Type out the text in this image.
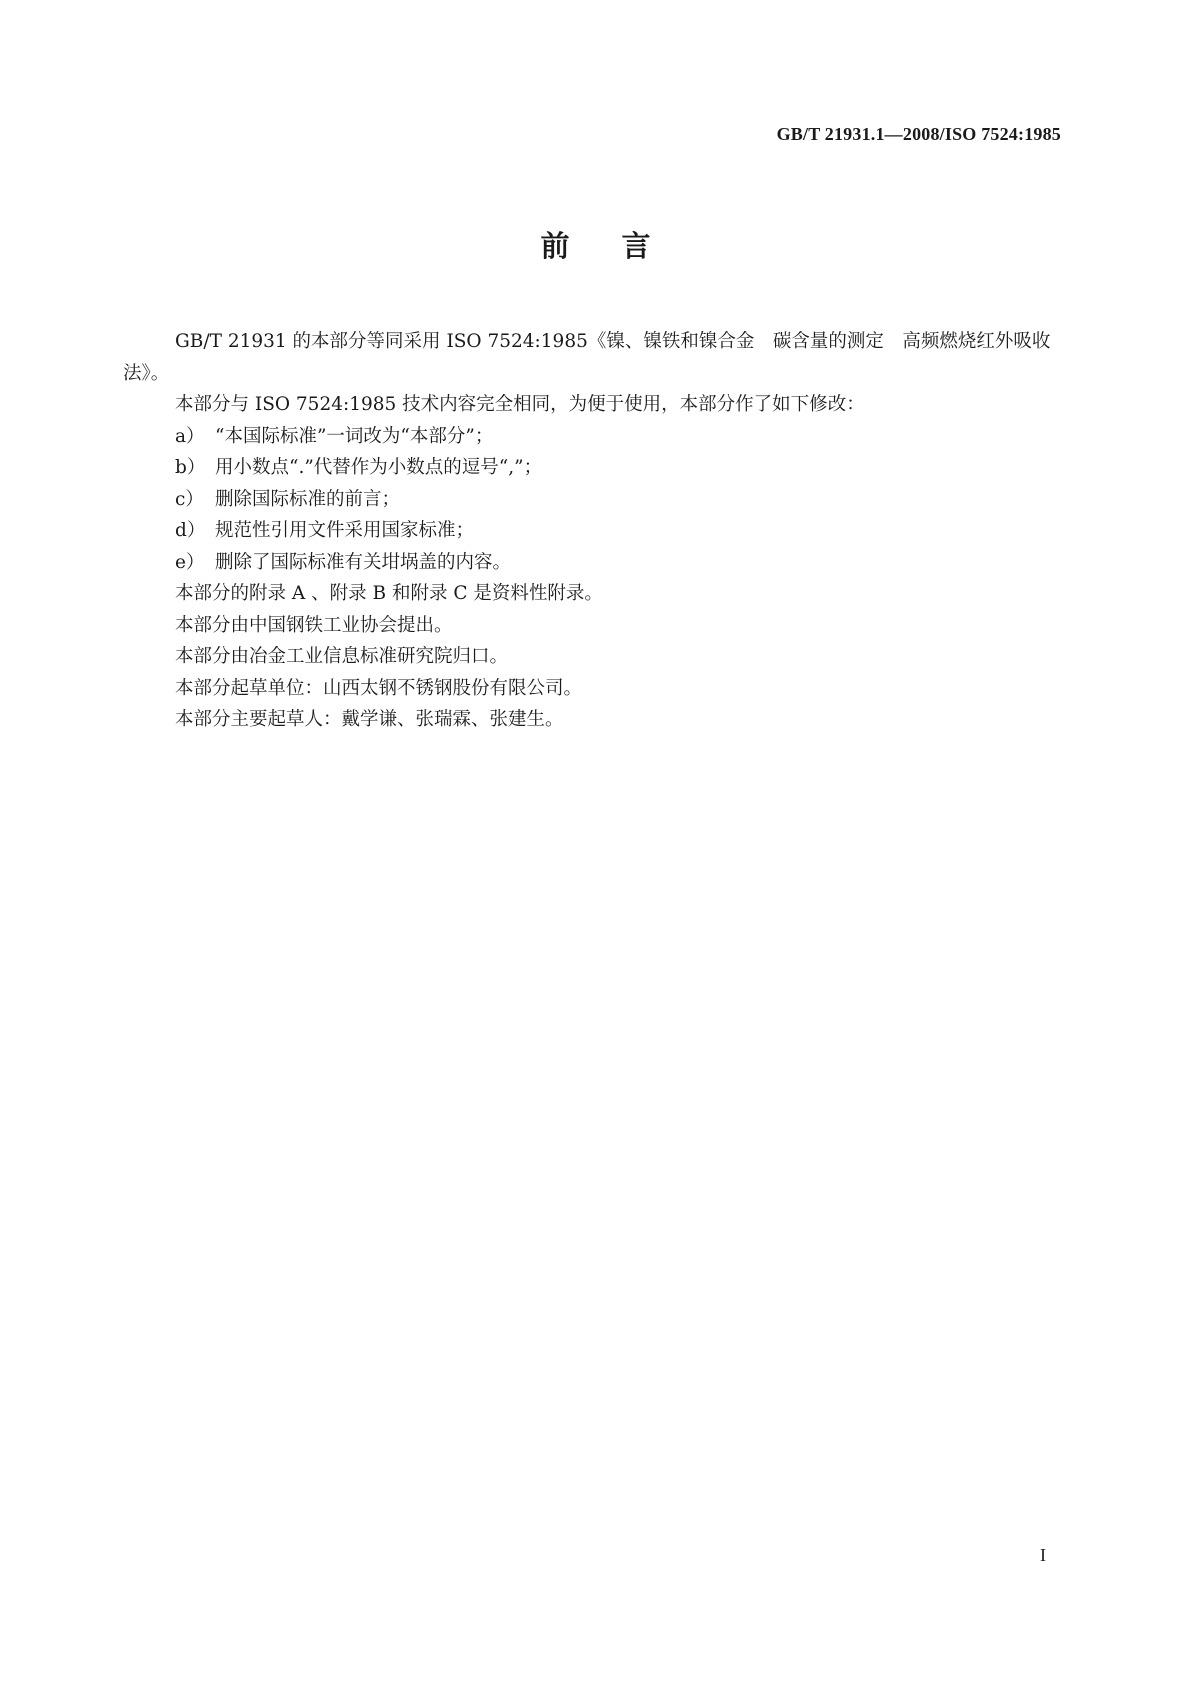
GB/T 21931.1—2008/ISO 7524:1985
前言

GB/T 21931 的本部分等同采用 ISO 7524:1985《镍、镍铁和镍合金　碳含量的测定　高频燃烧红外吸收法》。

本部分与 ISO 7524:1985 技术内容完全相同，为便于使用，本部分作了如下修改：

a） “本国际标准”一词改为“本部分”；

b） 用小数点“.”代替作为小数点的逗号“,”；

c） 删除国际标准的前言；

d） 规范性引用文件采用国家标准；

e） 删除了国际标准有关坩埚盖的内容。

本部分的附录 A 、附录 B 和附录 C 是资料性附录。

本部分由中国钢铁工业协会提出。

本部分由冶金工业信息标准研究院归口。

本部分起草单位：山西太钢不锈钢股份有限公司。

本部分主要起草人：戴学谦、张瑞霖、张建生。

I
